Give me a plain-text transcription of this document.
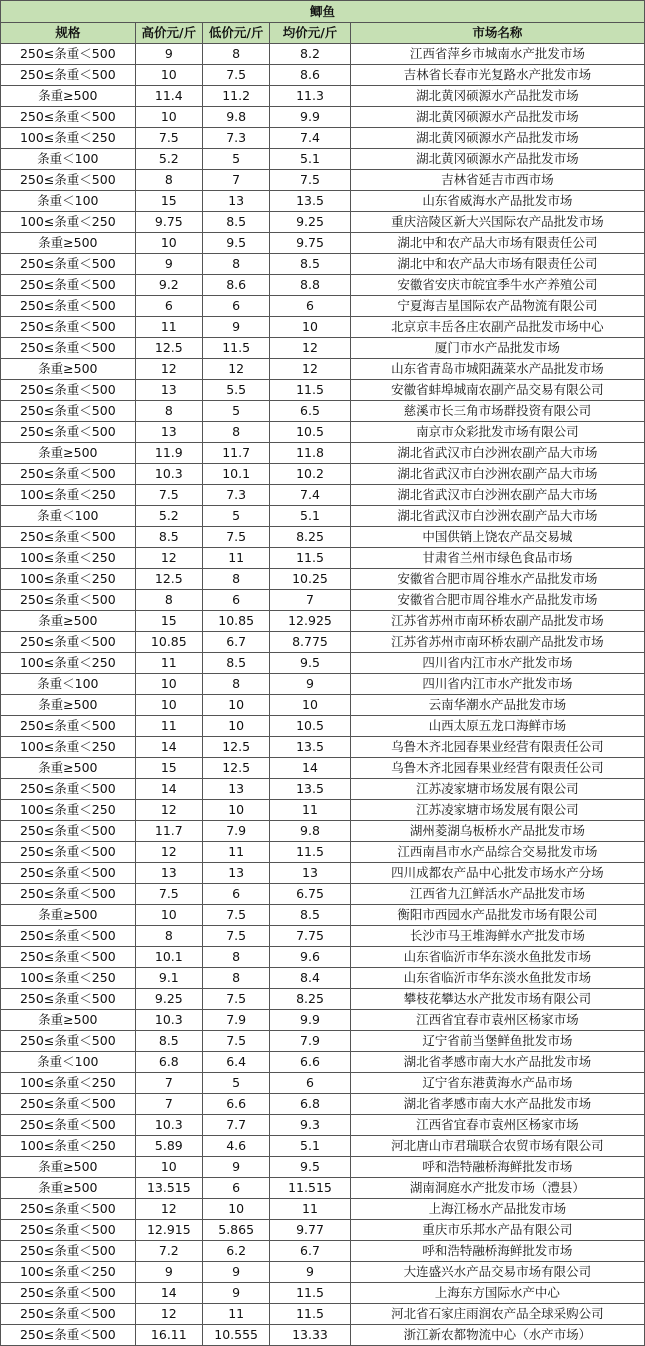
鲫鱼				
规格	高价元/斤	低价元/斤	均价元/斤	市场名称
250≤条重＜500	9	8	8.2	江西省萍乡市城南水产批发市场
250≤条重＜500	10	7.5	8.6	吉林省长春市光复路水产批发市场
条重≥500	11.4	11.2	11.3	湖北黄冈硕源水产品批发市场
250≤条重＜500	10	9.8	9.9	湖北黄冈硕源水产品批发市场
100≤条重＜250	7.5	7.3	7.4	湖北黄冈硕源水产品批发市场
条重＜100	5.2	5	5.1	湖北黄冈硕源水产品批发市场
250≤条重＜500	8	7	7.5	吉林省延吉市西市场
条重＜100	15	13	13.5	山东省威海水产品批发市场
100≤条重＜250	9.75	8.5	9.25	重庆涪陵区新大兴国际农产品批发市场
条重≥500	10	9.5	9.75	湖北中和农产品大市场有限责任公司
250≤条重＜500	9	8	8.5	湖北中和农产品大市场有限责任公司
250≤条重＜500	9.2	8.6	8.8	安徽省安庆市皖宜季牛水产养殖公司
250≤条重＜500	6	6	6	宁夏海吉星国际农产品物流有限公司
250≤条重＜500	11	9	10	北京京丰岳各庄农副产品批发市场中心
250≤条重＜500	12.5	11.5	12	厦门市水产品批发市场
条重≥500	12	12	12	山东省青岛市城阳蔬菜水产品批发市场
250≤条重＜500	13	5.5	11.5	安徽省蚌埠城南农副产品交易有限公司
250≤条重＜500	8	5	6.5	慈溪市长三角市场群投资有限公司
250≤条重＜500	13	8	10.5	南京市众彩批发市场有限公司
条重≥500	11.9	11.7	11.8	湖北省武汉市白沙洲农副产品大市场
250≤条重＜500	10.3	10.1	10.2	湖北省武汉市白沙洲农副产品大市场
100≤条重＜250	7.5	7.3	7.4	湖北省武汉市白沙洲农副产品大市场
条重＜100	5.2	5	5.1	湖北省武汉市白沙洲农副产品大市场
250≤条重＜500	8.5	7.5	8.25	中国供销上饶农产品交易城
100≤条重＜250	12	11	11.5	甘肃省兰州市绿色食品市场
100≤条重＜250	12.5	8	10.25	安徽省合肥市周谷堆水产品批发市场
250≤条重＜500	8	6	7	安徽省合肥市周谷堆水产品批发市场
条重≥500	15	10.85	12.925	江苏省苏州市南环桥农副产品批发市场
250≤条重＜500	10.85	6.7	8.775	江苏省苏州市南环桥农副产品批发市场
100≤条重＜250	11	8.5	9.5	四川省内江市水产批发市场
条重＜100	10	8	9	四川省内江市水产批发市场
条重≥500	10	10	10	云南华潮水产品批发市场
250≤条重＜500	11	10	10.5	山西太原五龙口海鲜市场
100≤条重＜250	14	12.5	13.5	乌鲁木齐北园春果业经营有限责任公司
条重≥500	15	12.5	14	乌鲁木齐北园春果业经营有限责任公司
250≤条重＜500	14	13	13.5	江苏凌家塘市场发展有限公司
100≤条重＜250	12	10	11	江苏凌家塘市场发展有限公司
250≤条重＜500	11.7	7.9	9.8	湖州菱湖乌板桥水产品批发市场
250≤条重＜500	12	11	11.5	江西南昌市水产品综合交易批发市场
250≤条重＜500	13	13	13	四川成都农产品中心批发市场水产分场
250≤条重＜500	7.5	6	6.75	江西省九江鲜活水产品批发市场
条重≥500	10	7.5	8.5	衡阳市西园水产品批发市场有限公司
250≤条重＜500	8	7.5	7.75	长沙市马王堆海鲜水产批发市场
250≤条重＜500	10.1	8	9.6	山东省临沂市华东淡水鱼批发市场
100≤条重＜250	9.1	8	8.4	山东省临沂市华东淡水鱼批发市场
250≤条重＜500	9.25	7.5	8.25	攀枝花攀达水产批发市场有限公司
条重≥500	10.3	7.9	9.9	江西省宜春市袁州区杨家市场
250≤条重＜500	8.5	7.5	7.9	辽宁省前当堡鲜鱼批发市场
条重＜100	6.8	6.4	6.6	湖北省孝感市南大水产品批发市场
100≤条重＜250	7	5	6	辽宁省东港黄海水产品市场
250≤条重＜500	7	6.6	6.8	湖北省孝感市南大水产品批发市场
250≤条重＜500	10.3	7.7	9.3	江西省宜春市袁州区杨家市场
100≤条重＜250	5.89	4.6	5.1	河北唐山市君瑞联合农贸市场有限公司
条重≥500	10	9	9.5	呼和浩特融桥海鲜批发市场
条重≥500	13.515	6	11.515	湖南洞庭水产批发市场（澧县）
250≤条重＜500	12	10	11	上海江杨水产品批发市场
250≤条重＜500	12.915	5.865	9.77	重庆市乐邦水产品有限公司
250≤条重＜500	7.2	6.2	6.7	呼和浩特融桥海鲜批发市场
100≤条重＜250	9	9	9	大连盛兴水产品交易市场有限公司
250≤条重＜500	14	9	11.5	上海东方国际水产中心
250≤条重＜500	12	11	11.5	河北省石家庄雨润农产品全球采购公司
250≤条重＜500	16.11	10.555	13.33	浙江新农都物流中心（水产市场）
